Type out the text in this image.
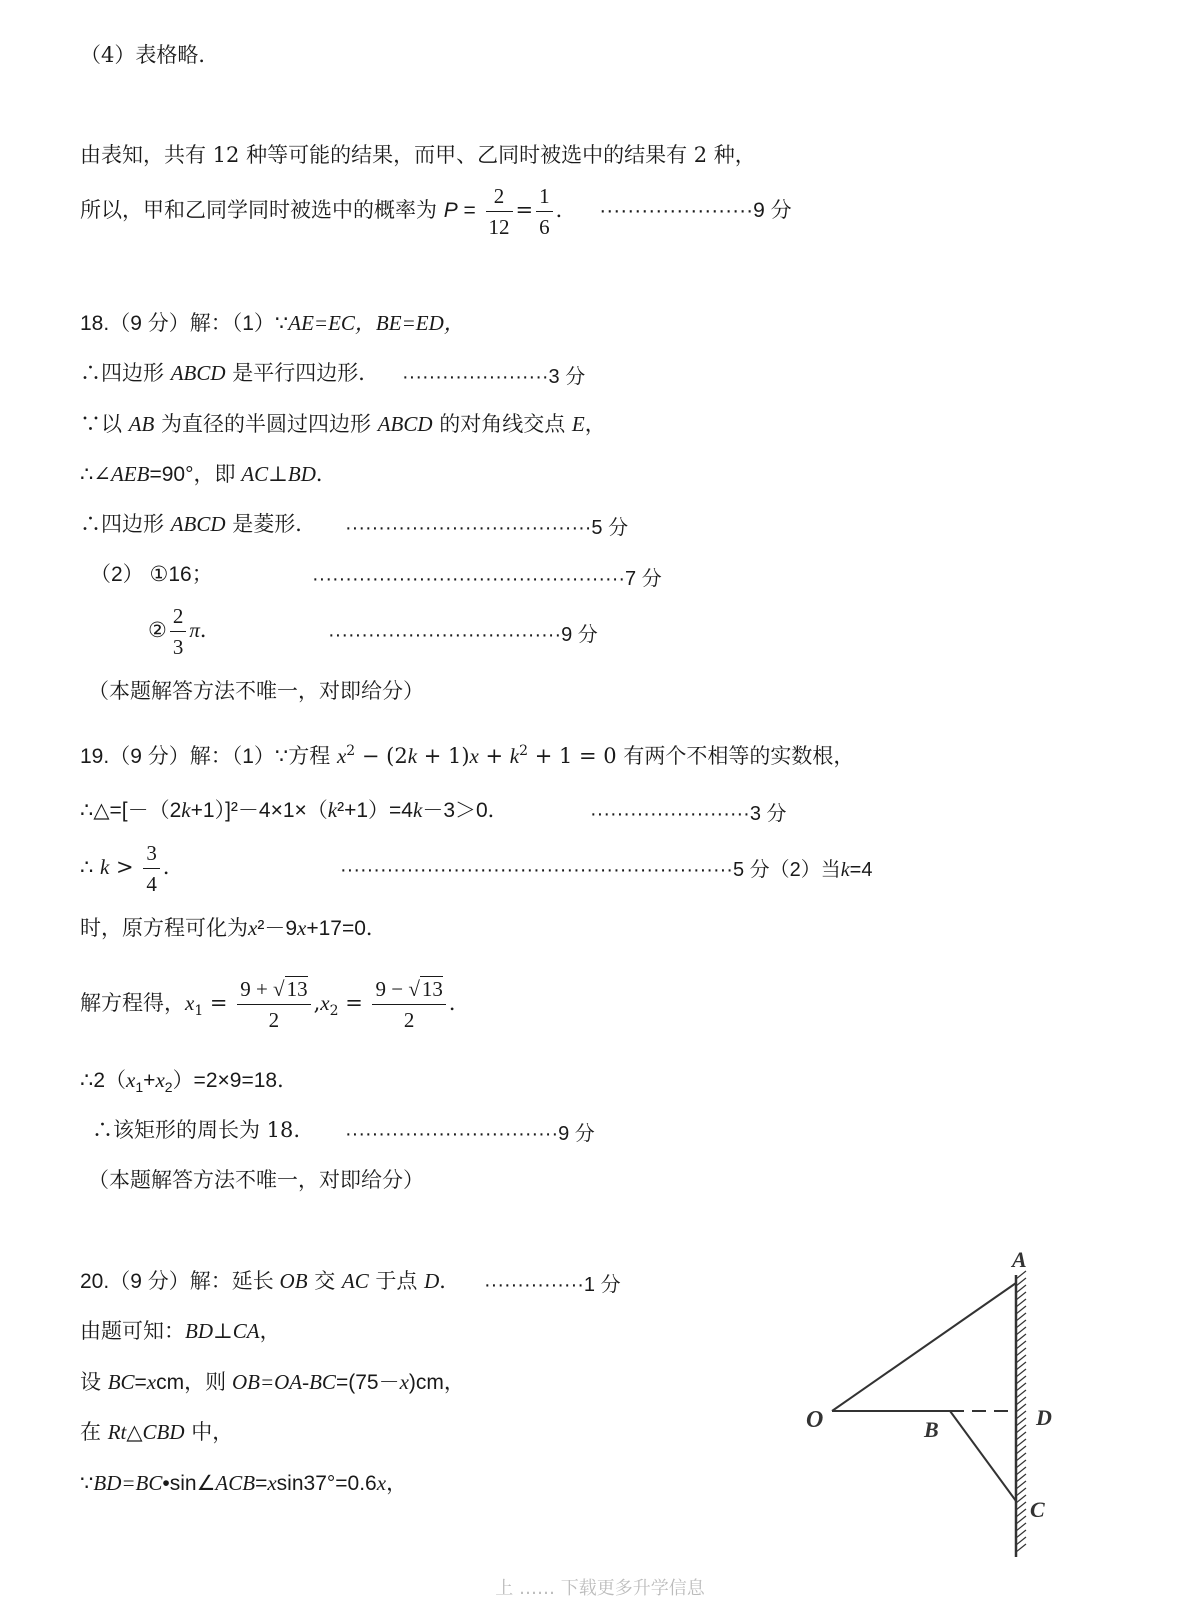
（4）表格略．
由表知，共有 12 种等可能的结果，而甲、乙同时被选中的结果有 2 种，
所以，甲和乙同学同时被选中的概率为 $P = \frac{2}{12} = \frac{1}{6}$ ． ······················9 分
18.（9 分）解：（1）∵AE=EC，BE=ED，
∴四边形 ABCD 是平行四边形． ······················3 分
∵以 AB 为直径的半圆过四边形 ABCD 的对角线交点 E，
∴∠AEB=90°，即 AC⊥BD．
∴四边形 ABCD 是菱形． ·····································5 分
（2） ①16；	···············································7 分
② $\frac{2}{3}$ π．	···································9 分
（本题解答方法不唯一，对即给分）
19.（9 分）解：（1）∵方程 $x^2 - (2k + 1)x + k^2 + 1 = 0$ 有两个不相等的实数根，
∴△=[－（2k+1）]²－4×1×（k²+1）=4k－3＞0．	························3 分
∴ $k > \frac{3}{4}$ ．	···························································5 分（2）当k=4
时，原方程可化为x²－9x+17=0．
解方程得，$x_1 = \frac{9 + √13}{2} ,x_2 = \frac{9 - √13}{2}$ ．
$\therefore 2(x_1+x_2)=2\times 9=18$．
∴该矩形的周长为 18. ································9 分
（本题解答方法不唯一，对即给分）
20.（9 分）解：延长 OB 交 AC 于点 D． ···············1 分
由题可知：BD⊥CA，
设 BC=xcm，则 OB=OA-BC=(75－x)cm，
在 Rt△CBD 中，
∵BD=BC•sin∠ACB=xsin37°=0.6x，
A
O	B	D
C
上 …… 下载更多升学信息
